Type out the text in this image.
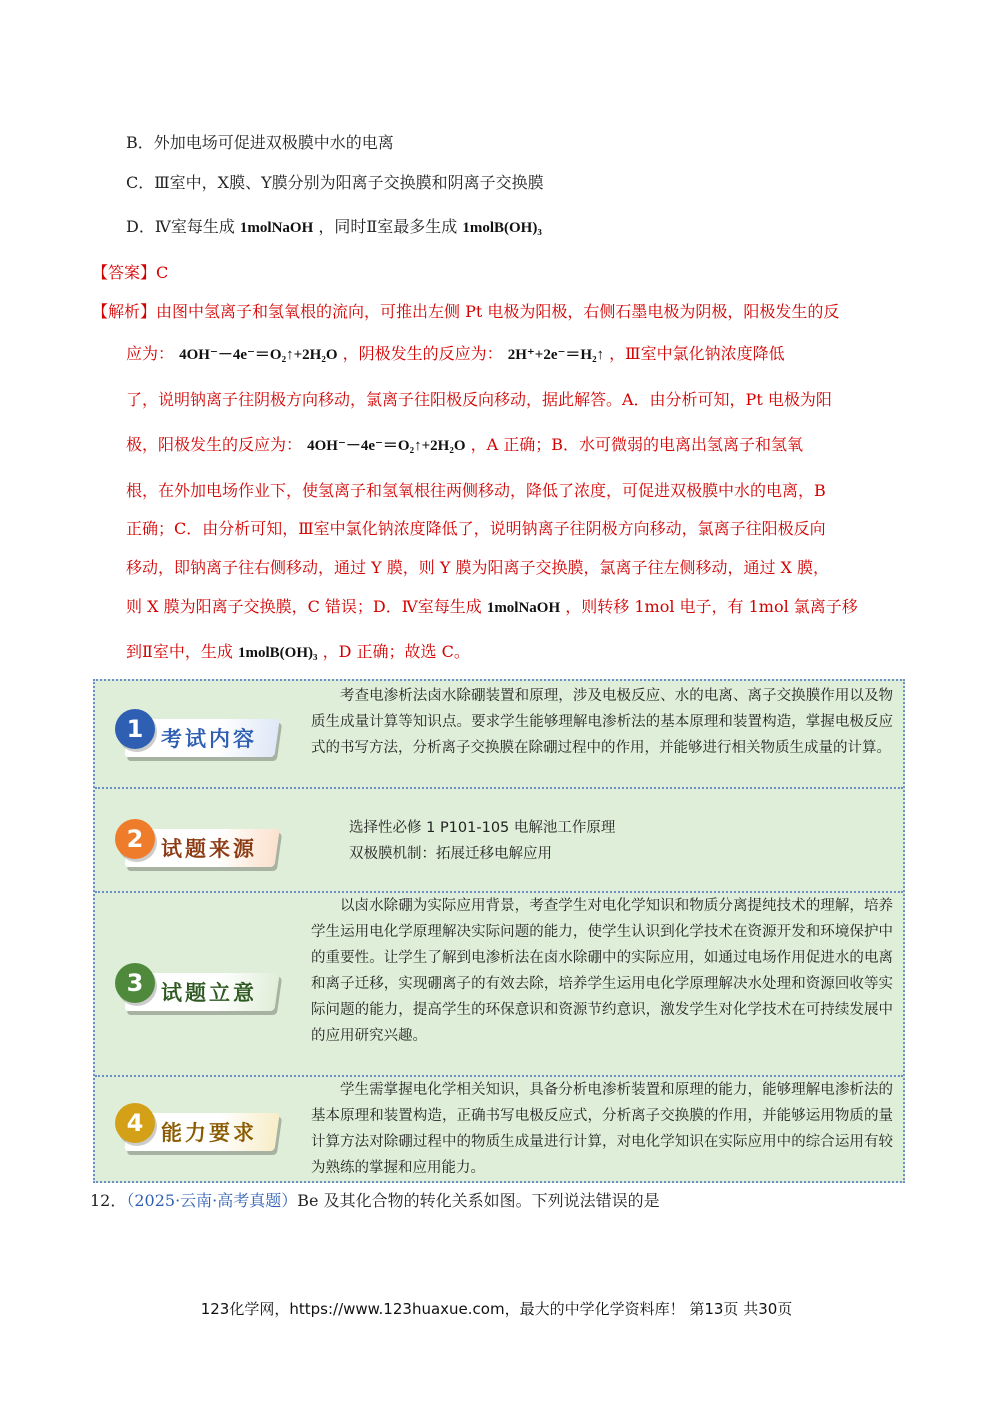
B．外加电场可促进双极膜中水的电离
C．Ⅲ室中，X膜、Y膜分别为阳离子交换膜和阴离子交换膜
D．Ⅳ室每生成 1molNaOH ，同时Ⅱ室最多生成 1molB(OH)₃
【答案】C
【解析】由图中氢离子和氢氧根的流向，可推出左侧 Pt 电极为阳极，右侧石墨电极为阴极，阳极发生的反
应为： 4OH⁻－4e⁻＝O₂↑+2H₂O ，阴极发生的反应为： 2H⁺+2e⁻＝H₂↑ ，Ⅲ室中氯化钠浓度降低
了，说明钠离子往阴极方向移动，氯离子往阳极反向移动，据此解答。A．由分析可知，Pt 电极为阳
极，阳极发生的反应为： 4OH⁻－4e⁻＝O₂↑+2H₂O ，A 正确；B．水可微弱的电离出氢离子和氢氧
根，在外加电场作业下，使氢离子和氢氧根往两侧移动，降低了浓度，可促进双极膜中水的电离，B
正确；C．由分析可知，Ⅲ室中氯化钠浓度降低了，说明钠离子往阴极方向移动，氯离子往阳极反向
移动，即钠离子往右侧移动，通过 Y 膜，则 Y 膜为阳离子交换膜，氯离子往左侧移动，通过 X 膜，
则 X 膜为阳离子交换膜，C 错误；D．Ⅳ室每生成 1molNaOH ，则转移 1mol 电子，有 1mol 氯离子移
到Ⅱ室中，生成 1molB(OH)₃ ，D 正确；故选 C。
1 考试内容
考查电渗析法卤水除硼装置和原理，涉及电极反应、水的电离、离子交换膜作用以及物质生成量计算等知识点。要求学生能够理解电渗析法的基本原理和装置构造，掌握电极反应式的书写方法，分析离子交换膜在除硼过程中的作用，并能够进行相关物质生成量的计算。
2 试题来源
选择性必修 1 P101-105 电解池工作原理
双极膜机制：拓展迁移电解应用
3 试题立意
以卤水除硼为实际应用背景，考查学生对电化学知识和物质分离提纯技术的理解，培养学生运用电化学原理解决实际问题的能力，使学生认识到化学技术在资源开发和环境保护中的重要性。让学生了解到电渗析法在卤水除硼中的实际应用，如通过电场作用促进水的电离和离子迁移，实现硼离子的有效去除，培养学生运用电化学原理解决水处理和资源回收等实际问题的能力，提高学生的环保意识和资源节约意识，激发学生对化学技术在可持续发展中的应用研究兴趣。
4 能力要求
学生需掌握电化学相关知识，具备分析电渗析装置和原理的能力，能够理解电渗析法的基本原理和装置构造，正确书写电极反应式，分析离子交换膜的作用，并能够运用物质的量计算方法对除硼过程中的物质生成量进行计算，对电化学知识在实际应用中的综合运用有较为熟练的掌握和应用能力。
12．（2025·云南·高考真题）Be 及其化合物的转化关系如图。下列说法错误的是
123化学网，https://www.123huaxue.com，最大的中学化学资料库！ 第13页 共30页
